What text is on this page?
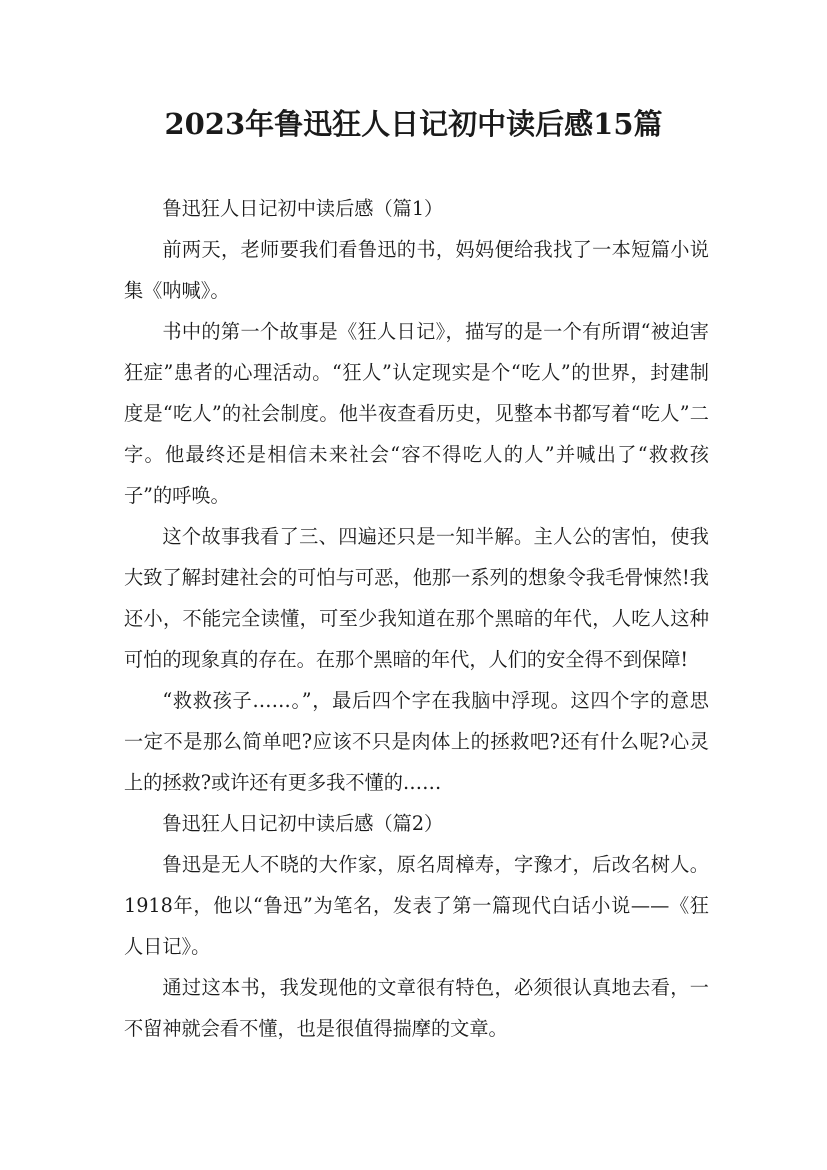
2023年鲁迅狂人日记初中读后感15篇

鲁迅狂人日记初中读后感（篇1）

前两天，老师要我们看鲁迅的书，妈妈便给我找了一本短篇小说集《呐喊》。

书中的第一个故事是《狂人日记》，描写的是一个有所谓“被迫害狂症”患者的心理活动。“狂人”认定现实是个“吃人”的世界，封建制度是“吃人”的社会制度。他半夜查看历史，见整本书都写着“吃人”二字。他最终还是相信未来社会“容不得吃人的人”并喊出了“救救孩子”的呼唤。

这个故事我看了三、四遍还只是一知半解。主人公的害怕，使我大致了解封建社会的可怕与可恶，他那一系列的想象令我毛骨悚然!我还小，不能完全读懂，可至少我知道在那个黑暗的年代，人吃人这种可怕的现象真的存在。在那个黑暗的年代，人们的安全得不到保障!

“救救孩子……。”，最后四个字在我脑中浮现。这四个字的意思一定不是那么简单吧?应该不只是肉体上的拯救吧?还有什么呢?心灵上的拯救?或许还有更多我不懂的……

鲁迅狂人日记初中读后感（篇2）

鲁迅是无人不晓的大作家，原名周樟寿，字豫才，后改名树人。1918年，他以“鲁迅”为笔名，发表了第一篇现代白话小说——《狂人日记》。

通过这本书，我发现他的文章很有特色，必须很认真地去看，一不留神就会看不懂，也是很值得揣摩的文章。
